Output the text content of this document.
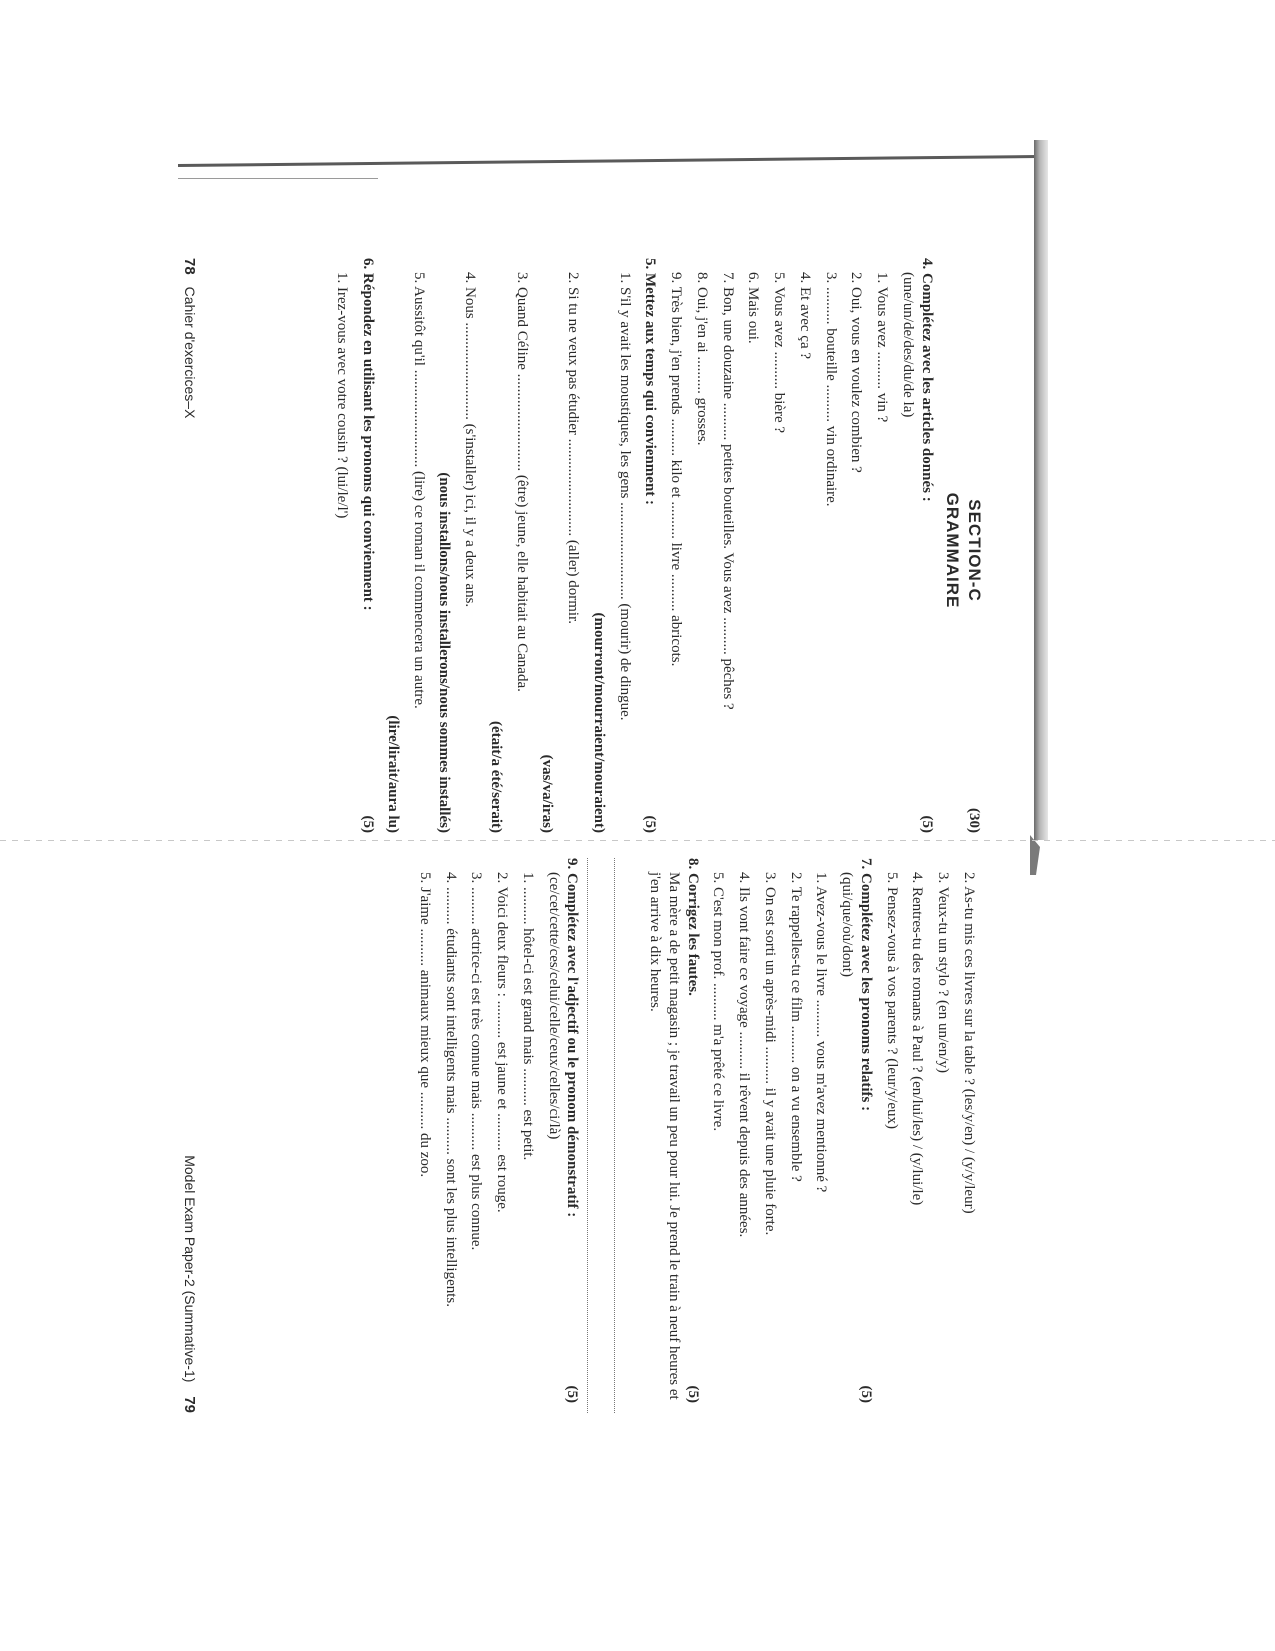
SECTION-C
(30)
GRAMMAIRE
4. Complétez avec les articles donnés :
(5)
(une/un/de/des/du/de la)
1. Vous avez .......... vin ?
2. Oui, vous en voulez combien ?
3. .......... bouteille .......... vin ordinaire.
4. Et avec ça ?
5. Vous avez .......... bière ?
6. Mais oui.
7. Bon, une douzaine .......... petites bouteilles. Vous avez .......... pêches ?
8. Oui, j'en ai .......... grosses.
9. Très bien, j'en prends .......... kilo et .......... livre .......... abricots.
5. Mettez aux temps qui convienment :
(5)
1. S'il y avait les moustiques, les gens .......................... (mourir) de dingue.
(mourront/mourraient/mouraient)
2. Si tu ne veux pas étudier .......................... (aller) dormir.
(vas/va/iras)
3. Quand Céline .......................... (être) jeune, elle habitait au Canada.
(était/a été/serait)
4. Nous .......................... (s'installer) ici, il y a deux ans.
(nous installons/nous installerons/nous sommes installés)
5. Aussitôt qu'il .......................... (lire) ce roman il commencera un autre.
(lire/lirait/aura lu)
6. Répondez en utilisant les pronoms qui convienment :
(5)
1. Irez-vous avec votre cousin ? (lui/le/l')
78 Cahier d'exercices–X
2. As-tu mis ces livres sur la table ? (les/y/en) / (y/y/leur)
3. Veux-tu un stylo ? (en un/en/y)
4. Rentres-tu des romans à Paul ? (en/lui/les) / (y/lui/le)
5. Pensez-vous à vos parents ? (leur/y/eux)
7. Complétez avec les pronoms relatifs :
(5)
(qui/que/où/dont)
1. Avez-vous le livre .......... vous m'avez mentionné ?
2. Te rappelles-tu ce film .......... on a vu ensemble ?
3. On est sorti un après-midi .......... il y avait une pluie forte.
4. Ils vont faire ce voyage .......... il rêvent depuis des années.
5. C'est mon prof. .......... m'a prêté ce livre.
8. Corrigez les fautes.
(5)
Ma mère a de petit magasin ; je travail un peu pour lui. Je prend le train à neuf heures et j'en arrive à dix heures.
9. Complétez avec l'adjectif ou le pronom démonstratif :
(5)
(ce/cet/cette/ces/celui/celle/ceux/celles/ci/là)
1. .......... hôtel-ci est grand mais .......... est petit.
2. Voici deux fleurs : .......... est jaune et .......... est rouge.
3. .......... actrice-ci est très connue mais .......... est plus connue.
4. .......... étudiants sont intelligents mais .......... sont les plus intelligents.
5. J'aime .......... animaux mieux que .......... du zoo.
Model Exam Paper-2 (Summative-1) 79
